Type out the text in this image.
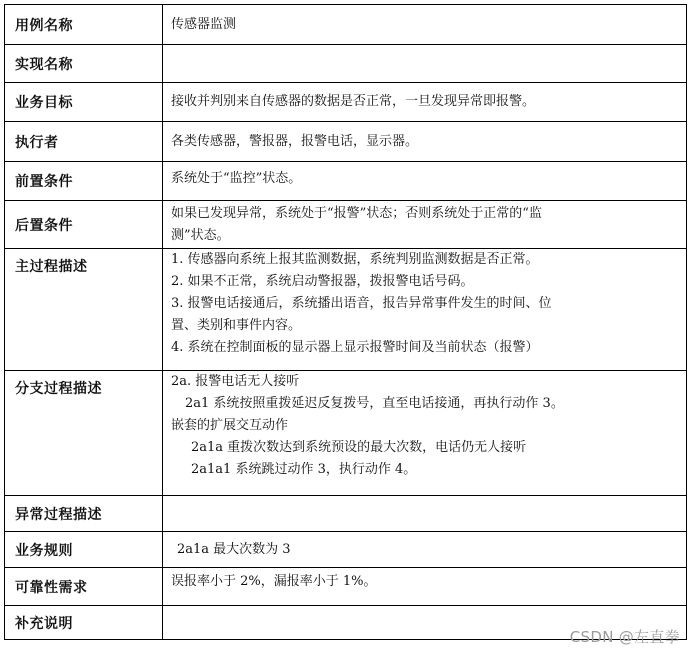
用例名称	传感器监测
实现名称	
业务目标	接收并判别来自传感器的数据是否正常，一旦发现异常即报警。
执行者	各类传感器，警报器，报警电话，显示器。
前置条件	系统处于“监控”状态。
后置条件	如果已发现异常，系统处于“报警”状态；否则系统处于正常的“监
测”状态。

主过程描述	1. 传感器向系统上报其监测数据，系统判别监测数据是否正常。
2. 如果不正常，系统启动警报器，拨报警电话号码。
3. 报警电话接通后，系统播出语音，报告异常事件发生的时间、位
置、类别和事件内容。
4. 系统在控制面板的显示器上显示报警时间及当前状态（报警）

分支过程描述	2a. 报警电话无人接听
2a1 系统按照重拨延迟反复拨号，直至电话接通，再执行动作 3。
嵌套的扩展交互动作
2a1a 重拨次数达到系统预设的最大次数，电话仍无人接听
2a1a1 系统跳过动作 3，执行动作 4。

异常过程描述	
业务规则	2a1a 最大次数为 3
可靠性需求	误报率小于 2%，漏报率小于 1%。
补充说明	
CSDN @左直拳
